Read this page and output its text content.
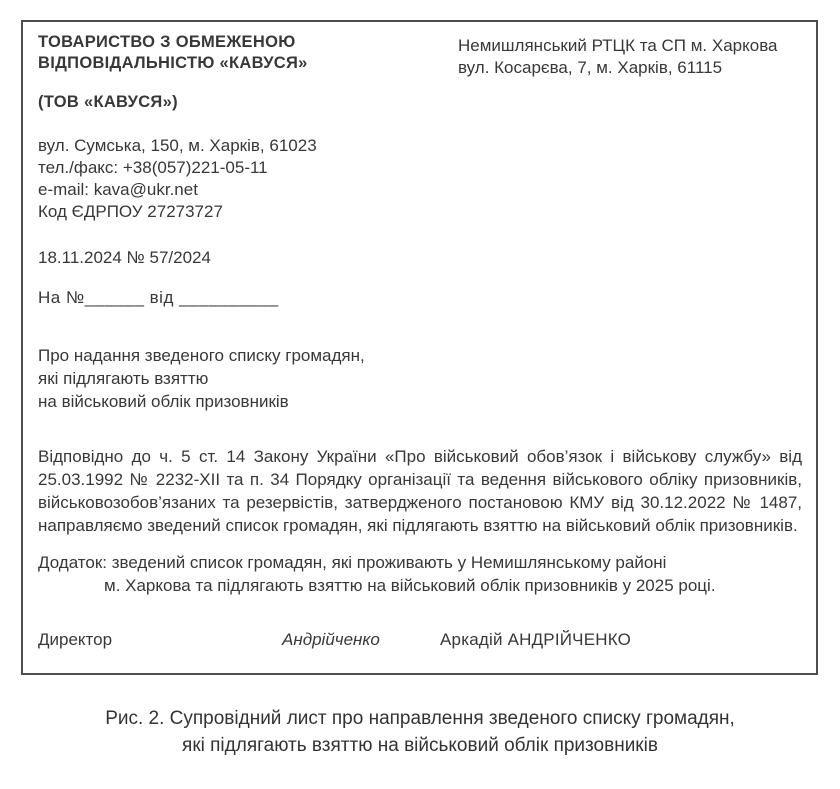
ТОВАРИСТВО З ОБМЕЖЕНОЮ
ВІДПОВІДАЛЬНІСТЮ «КАВУСЯ»
(ТОВ «КАВУСЯ»)
вул. Сумська, 150, м. Харків, 61023
тел./факс: +38(057)221-05-11
e-mail: kava@ukr.net
Код ЄДРПОУ 27273727
Немишлянський РТЦК та СП м. Харкова
вул. Косарєва, 7, м. Харків, 61115
18.11.2024 № 57/2024
На №______ від __________
Про надання зведеного списку громадян,
які підлягають взяттю
на військовий облік призовників

Відповідно до ч. 5 ст. 14 Закону України «Про військовий обов’язок і військову службу» від 25.03.1992 № 2232-XII та п. 34 Порядку організації та ведення військового обліку призовників, військовозобов’язаних та резервістів, затвердженого постановою КМУ від 30.12.2022 № 1487, направляємо зведений список громадян, які підлягають взяттю на військовий облік призовників.

Додаток: зведений список громадян, які проживають у Немишлянському районі
м. Харкова та підлягають взяттю на військовий облік призовників у 2025 році.
Директор	Андрійченко	Аркадій АНДРІЙЧЕНКО
Рис. 2. Супровідний лист про направлення зведеного списку громадян,
які підлягають взяттю на військовий облік призовників
